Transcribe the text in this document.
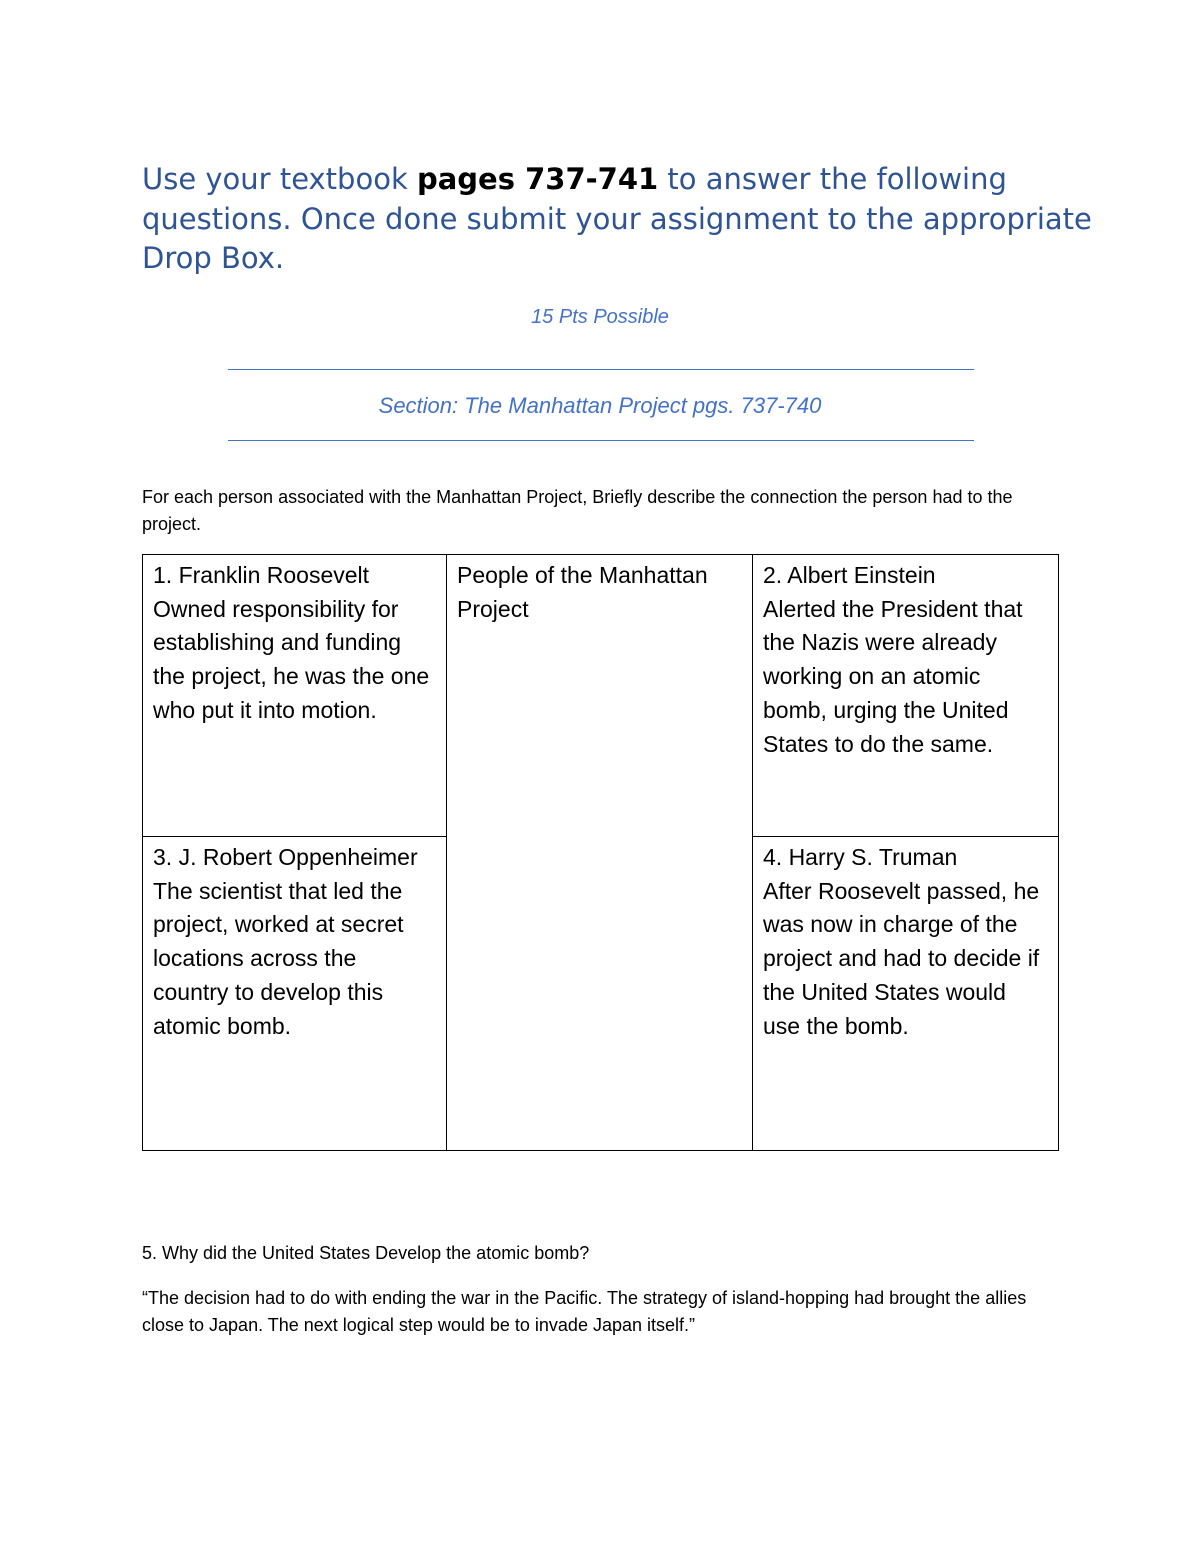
Use your textbook pages 737-741 to answer the following questions. Once done submit your assignment to the appropriate Drop Box.

15 Pts Possible
Section: The Manhattan Project pgs. 737-740

For each person associated with the Manhattan Project, Briefly describe the connection the person had to the project.

1. Franklin Roosevelt
Owned responsibility for establishing and funding the project, he was the one who put it into motion.
People of the Manhattan Project
2. Albert Einstein
Alerted the President that the Nazis were already working on an atomic bomb, urging the United States to do the same.
3. J. Robert Oppenheimer
The scientist that led the project, worked at secret locations across the country to develop this atomic bomb.
4. Harry S. Truman
After Roosevelt passed, he was now in charge of the project and had to decide if the United States would use the bomb.

5. Why did the United States Develop the atomic bomb?

“The decision had to do with ending the war in the Pacific. The strategy of island-hopping had brought the allies close to Japan. The next logical step would be to invade Japan itself.”
